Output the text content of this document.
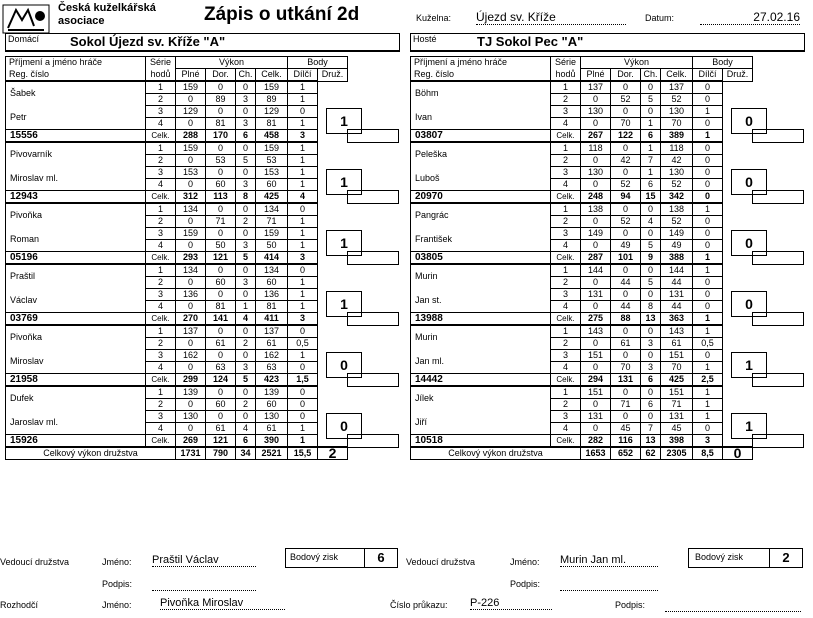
Česká kuželkářská
asociace	Zápis o utkání 2d	Kuželna: Újezd sv. Kříže	Datum:	27.02.16
Domácí Sokol Újezd sv. Kříže "A"	Hosté	TJ Sokol Pec "A"
Příjmení a jméno hráče	Série	Výkon				Body		
Reg. číslo	hodů	Plné	Dor.	Ch.	Celk.	Dílčí	Druž.	
Šabek	1	159	0	0	159	1		
	2	0	89	3	89	1		
Petr	3	129	0	0	129	0		
	4	0	81	3	81	1	1	

15556	Celk.	288	170	6	458	3		
Pivovarník	1	159	0	0	159	1		
	2	0	53	5	53	1		
Miroslav ml.	3	153	0	0	153	1		
	4	0	60	3	60	1	1	

12943	Celk.	312	113	8	425	4		
Pivoňka	1	134	0	0	134	0		
	2	0	71	2	71	1		
Roman	3	159	0	0	159	1		
	4	0	50	3	50	1	1	

05196	Celk.	293	121	5	414	3		
Praštil	1	134	0	0	134	0		
	2	0	60	3	60	1		
Václav	3	136	0	0	136	1		
	4	0	81	1	81	1	1	

03769	Celk.	270	141	4	411	3		
Pivoňka	1	137	0	0	137	0		
	2	0	61	2	61	0,5		
Miroslav	3	162	0	0	162	1		
	4	0	63	3	63	0	0	

21958	Celk.	299	124	5	423	1,5		
Dufek	1	139	0	0	139	0		
	2	0	60	2	60	0		
Jaroslav ml.	3	130	0	0	130	0		
	4	0	61	4	61	1	0	

15926	Celk.	269	121	6	390	1		
Celkový výkon družstva		1731	790	34	2521	15,5	2	
Příjmení a jméno hráče	Série	Výkon				Body		
Reg. číslo	hodů	Plné	Dor.	Ch.	Celk.	Dílčí	Druž.	
Böhm	1	137	0	0	137	0		
	2	0	52	5	52	0		
Ivan	3	130	0	0	130	1		
	4	0	70	1	70	0	0	

03807	Celk.	267	122	6	389	1		
Peleška	1	118	0	1	118	0		
	2	0	42	7	42	0		
Luboš	3	130	0	1	130	0		
	4	0	52	6	52	0	0	

20970	Celk.	248	94	15	342	0		
Pangrác	1	138	0	0	138	1		
	2	0	52	4	52	0		
František	3	149	0	0	149	0		
	4	0	49	5	49	0	0	

03805	Celk.	287	101	9	388	1		
Murin	1	144	0	0	144	1		
	2	0	44	5	44	0		
Jan st.	3	131	0	0	131	0		
	4	0	44	8	44	0	0	

13988	Celk.	275	88	13	363	1		
Murin	1	143	0	0	143	1		
	2	0	61	3	61	0,5		
Jan ml.	3	151	0	0	151	0		
	4	0	70	3	70	1	1	

14442	Celk.	294	131	6	425	2,5		
Jílek	1	151	0	0	151	1		
	2	0	71	6	71	1		
Jiří	3	131	0	0	131	1		
	4	0	45	7	45	0	1	

10518	Celk.	282	116	13	398	3		
Celkový výkon družstva		1653	652	62	2305	8,5	0	
Vedoucí družstva	Jméno: Praštil Václav	Bodový zisk	6
Podpis:
Vedoucí družstva	Jméno: Murin Jan ml.	Bodový zisk	2
Podpis:
Rozhodčí	Jméno:	Pivoňka Miroslav	Číslo průkazu: P-226	Podpis:
